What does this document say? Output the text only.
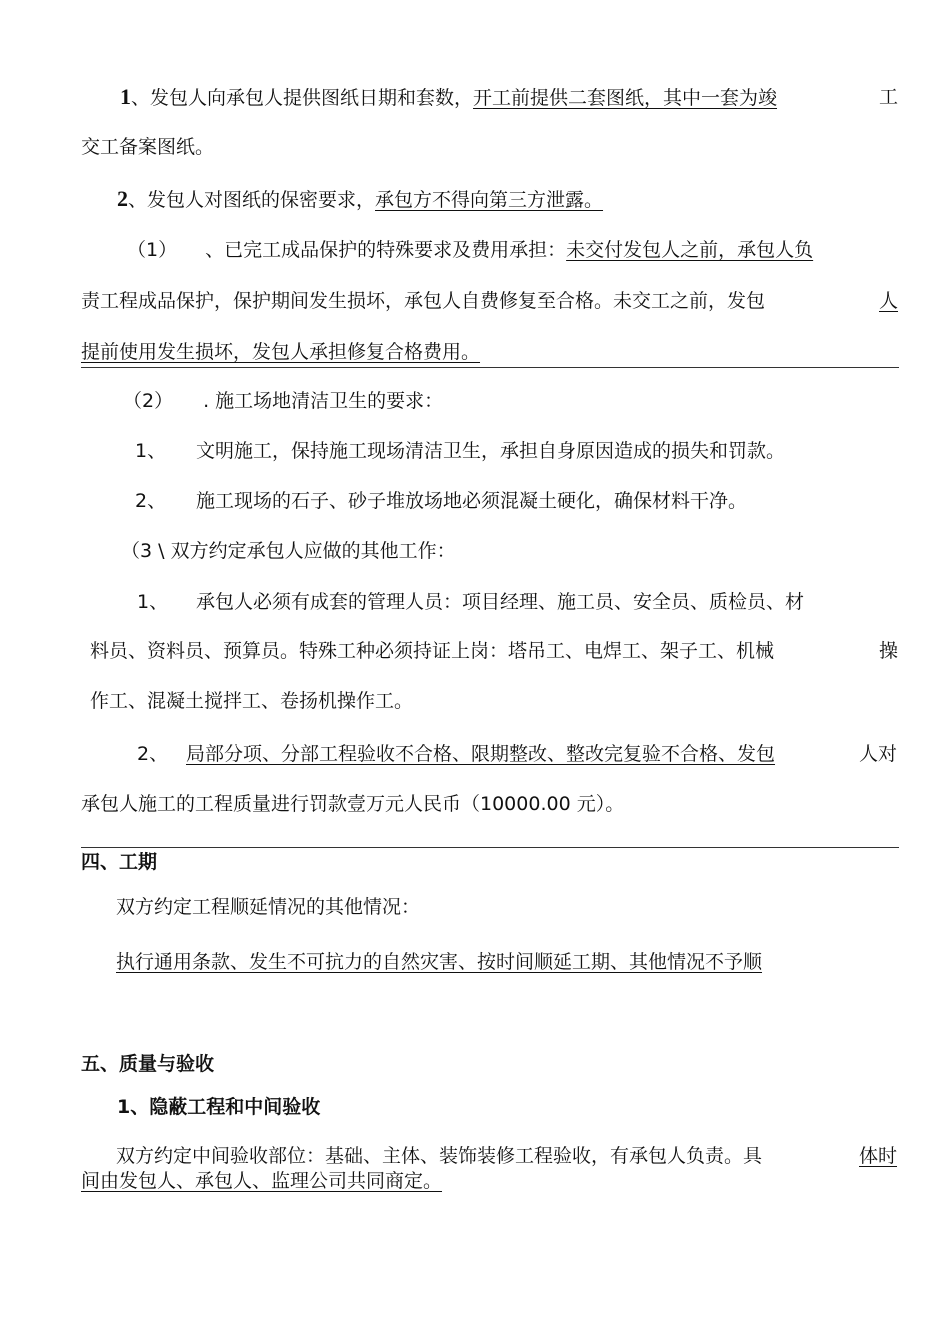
1、发包人向承包人提供图纸日期和套数，开工前提供二套图纸，其中一套为竣	工
交工备案图纸。
2、发包人对图纸的保密要求，承包方不得向第三方泄露。
（1） 、已完工成品保护的特殊要求及费用承担：未交付发包人之前，承包人负
责工程成品保护，保护期间发生损坏，承包人自费修复至合格。未交工之前，发包	人
提前使用发生损坏，发包人承担修复合格费用。
（2） . 施工场地清洁卫生的要求：
1、 文明施工，保持施工现场清洁卫生，承担自身原因造成的损失和罚款。
2、 施工现场的石子、砂子堆放场地必须混凝土硬化，确保材料干净。
（3 \ 双方约定承包人应做的其他工作：
1、 承包人必须有成套的管理人员：项目经理、施工员、安全员、质检员、材
料员、资料员、预算员。特殊工种必须持证上岗：塔吊工、电焊工、架子工、机械	操
作工、混凝土搅拌工、卷扬机操作工。
2、 局部分项、分部工程验收不合格、限期整改、整改完复验不合格、发包	人对
承包人施工的工程质量进行罚款壹万元人民币（10000.00 元）。
四、工期
双方约定工程顺延情况的其他情况：
执行通用条款、发生不可抗力的自然灾害、按时间顺延工期、其他情况不予顺
五、质量与验收
1、隐蔽工程和中间验收
双方约定中间验收部位：基础、主体、装饰装修工程验收，有承包人负责。具	体时
间由发包人、承包人、监理公司共同商定。
